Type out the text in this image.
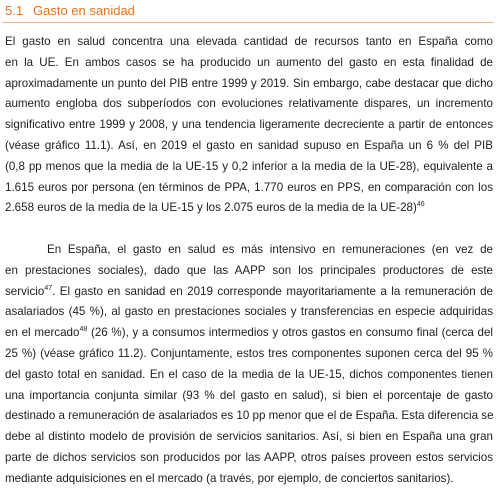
5.1 Gasto en sanidad

El gasto en salud concentra una elevada cantidad de recursos tanto en España como
en la UE. En ambos casos se ha producido un aumento del gasto en esta finalidad de
aproximadamente un punto del PIB entre 1999 y 2019. Sin embargo, cabe destacar que dicho
aumento engloba dos subperíodos con evoluciones relativamente dispares, un incremento
significativo entre 1999 y 2008, y una tendencia ligeramente decreciente a partir de entonces
(véase gráfico 11.1). Así, en 2019 el gasto en sanidad supuso en España un 6 % del PIB
(0,8 pp menos que la media de la UE-15 y 0,2 inferior a la media de la UE-28), equivalente a
1.615 euros por persona (en términos de PPA, 1.770 euros en PPS, en comparación con los
2.658 euros de la media de la UE-15 y los 2.075 euros de la media de la UE-28)$^{46}$

En España, el gasto en salud es más intensivo en remuneraciones (en vez de
en prestaciones sociales), dado que las AAPP son los principales productores de este
servicio$^{47}$. El gasto en sanidad en 2019 corresponde mayoritariamente a la remuneración de
asalariados (45 %), al gasto en prestaciones sociales y transferencias en especie adquiridas
en el mercado$^{48}$ (26 %), y a consumos intermedios y otros gastos en consumo final (cerca del
25 %) (véase gráfico 11.2). Conjuntamente, estos tres componentes suponen cerca del 95 %
del gasto total en sanidad. En el caso de la media de la UE-15, dichos componentes tienen
una importancia conjunta similar (93 % del gasto en salud), si bien el porcentaje de gasto
destinado a remuneración de asalariados es 10 pp menor que el de España. Esta diferencia se
debe al distinto modelo de provisión de servicios sanitarios. Así, si bien en España una gran
parte de dichos servicios son producidos por las AAPP, otros países proveen estos servicios
mediante adquisiciones en el mercado (a través, por ejemplo, de conciertos sanitarios).
